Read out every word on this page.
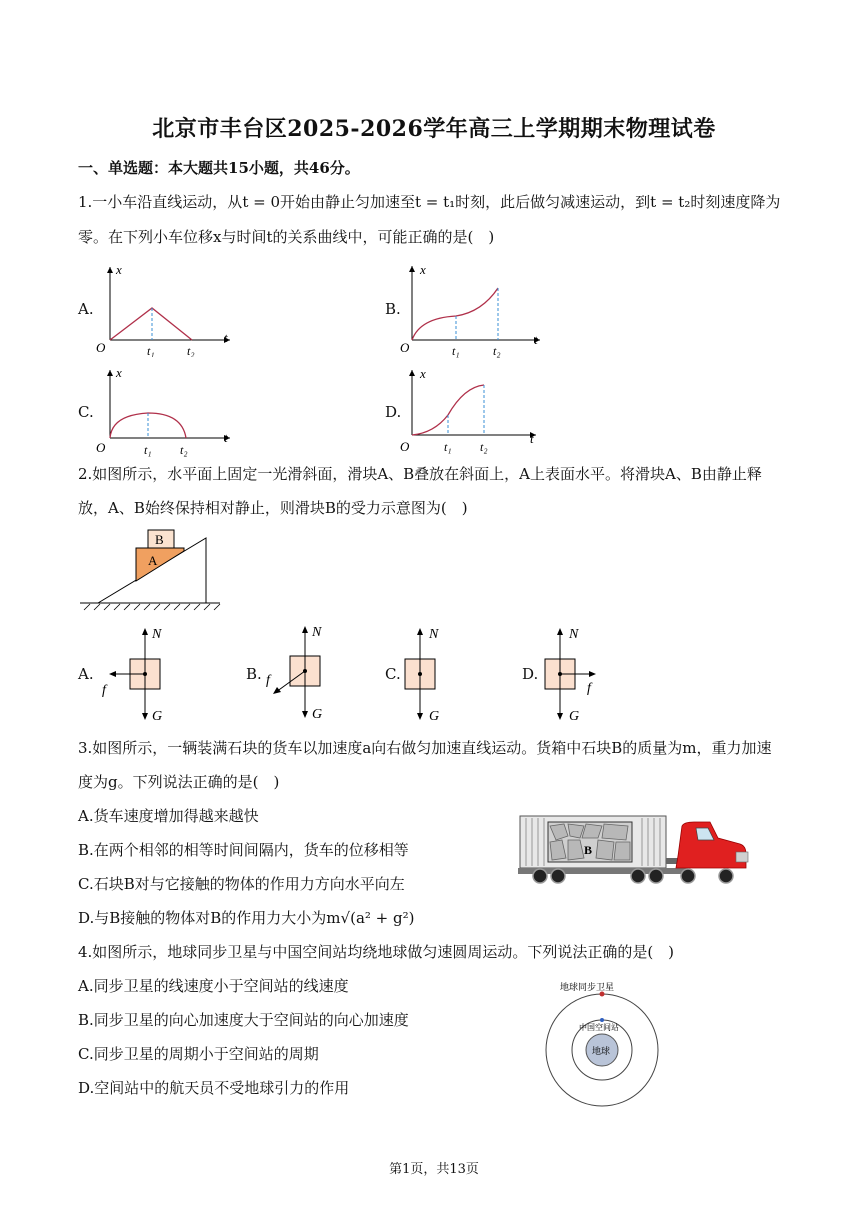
北京市丰台区2025-2026学年高三上学期期末物理试卷
一、单选题：本大题共15小题，共46分。
1.一小车沿直线运动，从t = 0开始由静止匀加速至t = t₁时刻，此后做匀减速运动，到t = t₂时刻速度降为
零。在下列小车位移x与时间t的关系曲线中，可能正确的是(　)
A.	B.
C.	D.
x
t
O	t₁	t₂
x
t
O	t₁	t₂
x
t
O	t₁ t₂
x
t
O	t₁ t₂
2.如图所示，水平面上固定一光滑斜面，滑块A、B叠放在斜面上，A上表面水平。将滑块A、B由静止释
放，A、B始终保持相对静止，则滑块B的受力示意图为(　)
B
A
A.	B.	C.	D.
N
G
f
N
G
f
N
G
N
G
f
3.如图所示，一辆装满石块的货车以加速度a向右做匀加速直线运动。货箱中石块B的质量为m，重力加速
度为g。下列说法正确的是(　)
A.货车速度增加得越来越快
B.在两个相邻的相等时间间隔内，货车的位移相等
C.石块B对与它接触的物体的作用力方向水平向左
D.与B接触的物体对B的作用力大小为m√(a² + g²)
B
4.如图所示，地球同步卫星与中国空间站均绕地球做匀速圆周运动。下列说法正确的是(　)
A.同步卫星的线速度小于空间站的线速度
B.同步卫星的向心加速度大于空间站的向心加速度
C.同步卫星的周期小于空间站的周期
D.空间站中的航天员不受地球引力的作用
地球同步卫星
中国空间站
地球
第1页，共13页
